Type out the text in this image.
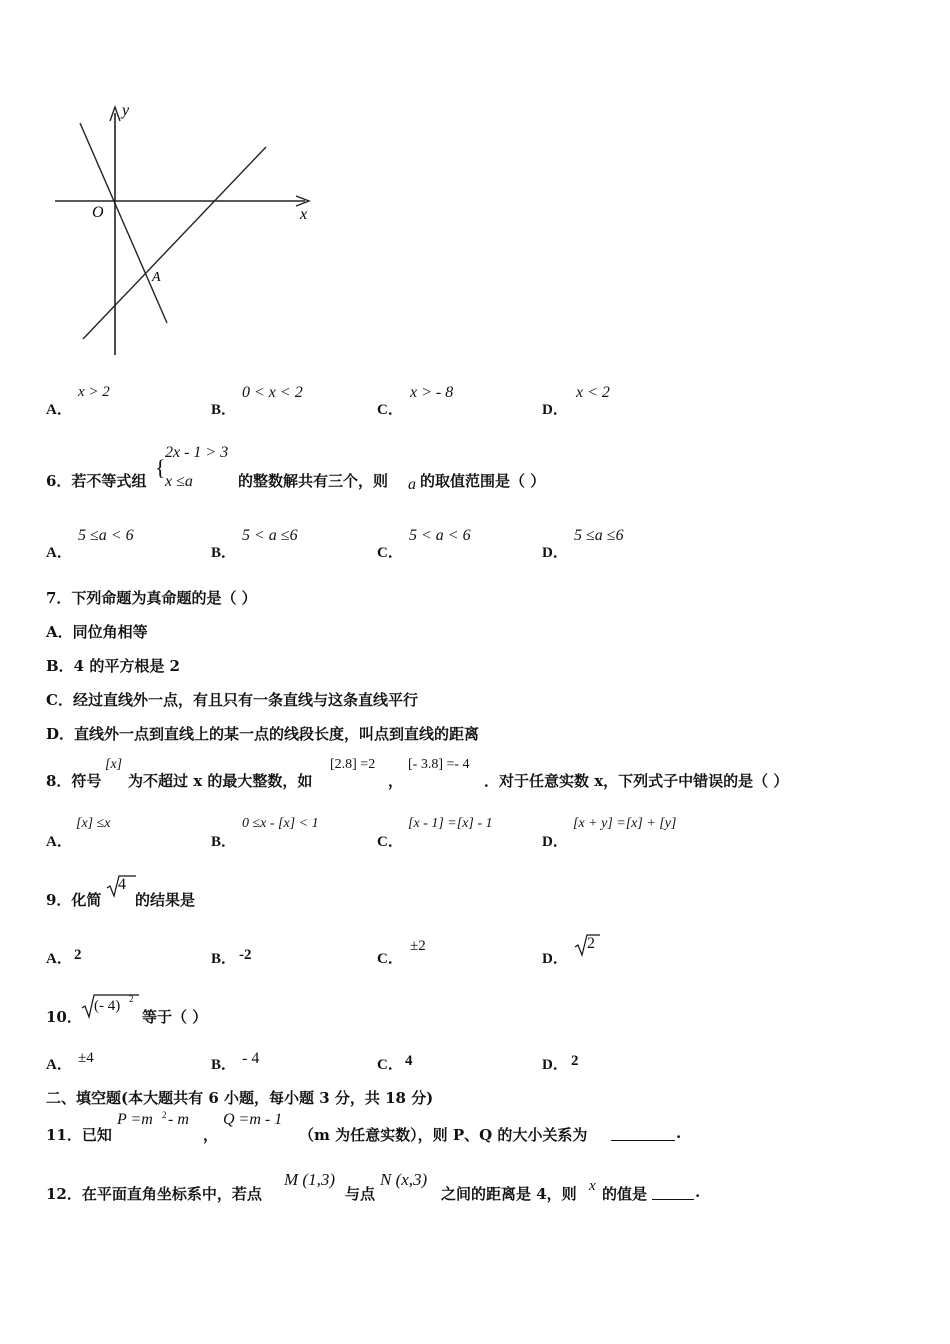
y
x
O
A
A．
x > 2
B．
0 < x < 2
C．
x > - 8
D．
x < 2
6．若不等式组
{
2x - 1 > 3
x ≤a	的整数解共有三个，则 a 的取值范围是（ ）
A．
5 ≤a < 6
B．
5 < a ≤6
C．
5 < a < 6
D．
5 ≤a ≤6
7．下列命题为真命题的是（ ）
A．同位角相等
B．4 的平方根是 2
C．经过直线外一点，有且只有一条直线与这条直线平行
D．直线外一点到直线上的某一点的线段长度，叫点到直线的距离
8．符号
[x]
为不超过 x 的最大整数，如
[2.8] =2
，
[- 3.8] =- 4
．对于任意实数 x，下列式子中错误的是（ ）
A．
[x] ≤x
B．
0 ≤x - [x] < 1
C．
[x - 1] =[x] - 1
D．
[x + y] =[x] + [y]
9．化简
4
的结果是
A． 2	B． -2	C．
±2
D．
2
10．
(- 4) 2
等于（ ）
A． ±4	B． - 4	C． 4	D． 2
二、填空题(本大题共有 6 小题，每小题 3 分，共 18 分)
11．已知
P =m 2 - m
，
Q =m - 1
（m 为任意实数），则 P、Q 的大小关系为	.
12．在平面直角坐标系中，若点
M (1,3)
与点
N (x,3)
之间的距离是 4，则 x 的值是	.
